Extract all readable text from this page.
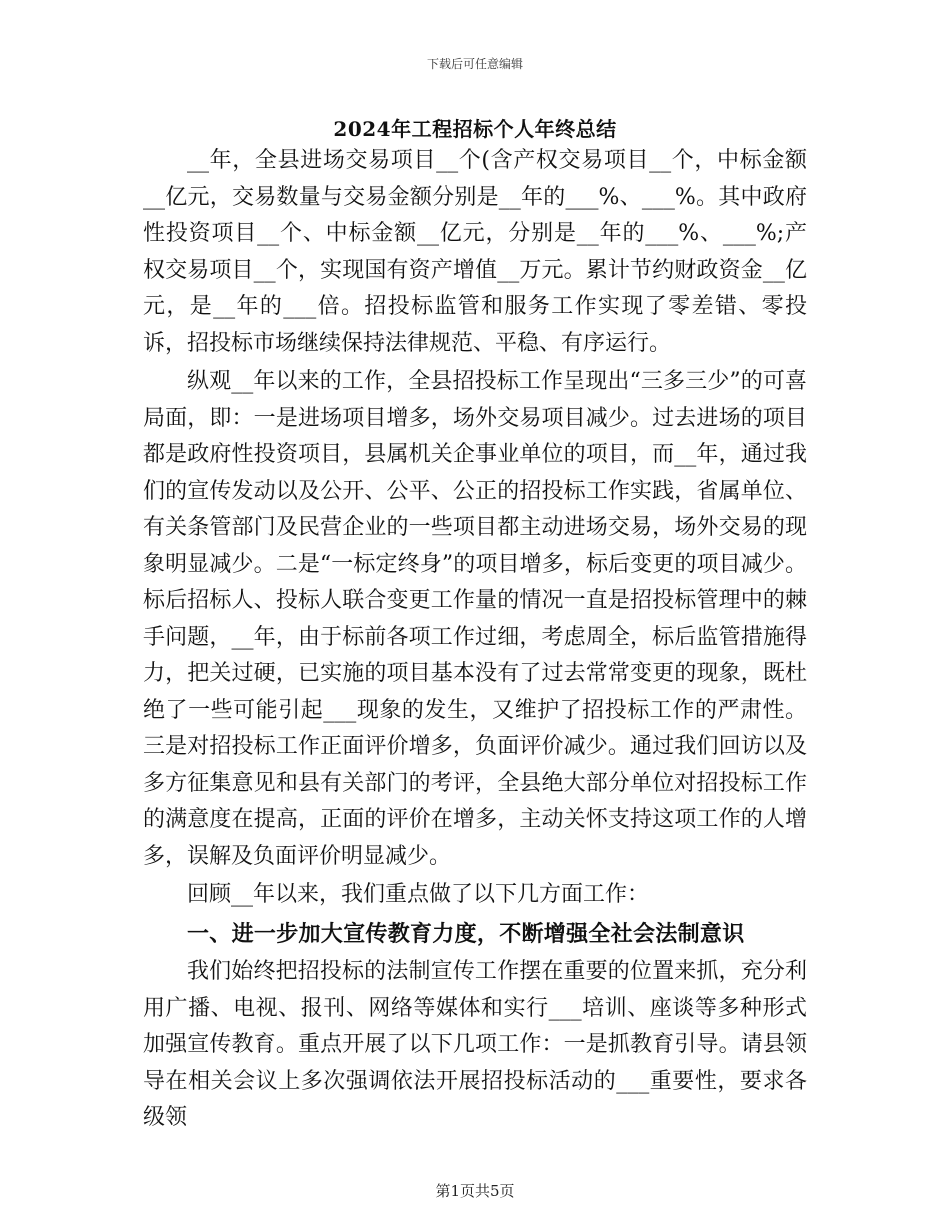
下载后可任意编辑
2024年工程招标个人年终总结

__年，全县进场交易项目__个(含产权交易项目__个，中标金额__亿元，交易数量与交易金额分别是__年的___%、___%。其中政府性投资项目__个、中标金额__亿元，分别是__年的___%、___%;产权交易项目__个，实现国有资产增值__万元。累计节约财政资金__亿元，是__年的___倍。招投标监管和服务工作实现了零差错、零投诉，招投标市场继续保持法律规范、平稳、有序运行。

纵观__年以来的工作，全县招投标工作呈现出“三多三少”的可喜局面，即：一是进场项目增多，场外交易项目减少。过去进场的项目都是政府性投资项目，县属机关企事业单位的项目，而__年，通过我们的宣传发动以及公开、公平、公正的招投标工作实践，省属单位、有关条管部门及民营企业的一些项目都主动进场交易，场外交易的现象明显减少。二是“一标定终身”的项目增多，标后变更的项目减少。标后招标人、投标人联合变更工作量的情况一直是招投标管理中的棘手问题，__年，由于标前各项工作过细，考虑周全，标后监管措施得力，把关过硬，已实施的项目基本没有了过去常常变更的现象，既杜绝了一些可能引起___现象的发生，又维护了招投标工作的严肃性。三是对招投标工作正面评价增多，负面评价减少。通过我们回访以及多方征集意见和县有关部门的考评，全县绝大部分单位对招投标工作的满意度在提高，正面的评价在增多，主动关怀支持这项工作的人增多，误解及负面评价明显减少。

回顾__年以来，我们重点做了以下几方面工作：

一、进一步加大宣传教育力度，不断增强全社会法制意识

我们始终把招投标的法制宣传工作摆在重要的位置来抓，充分利用广播、电视、报刊、网络等媒体和实行___培训、座谈等多种形式加强宣传教育。重点开展了以下几项工作：一是抓教育引导。请县领导在相关会议上多次强调依法开展招投标活动的___重要性，要求各级领

第1页共5页
